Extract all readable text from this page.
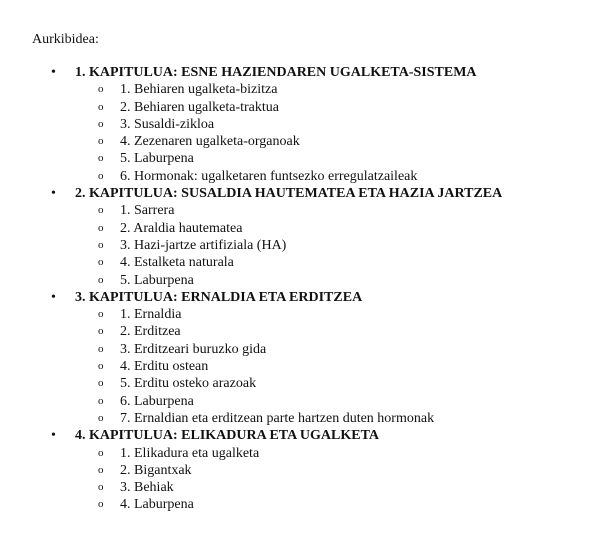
Aurkibidea:
• 1. KAPITULUA: ESNE HAZIENDAREN UGALKETA-SISTEMA
o 1. Behiaren ugalketa-bizitza
o 2. Behiaren ugalketa-traktua
o 3. Susaldi-zikloa
o 4. Zezenaren ugalketa-organoak
o 5. Laburpena
o 6. Hormonak: ugalketaren funtsezko erregulatzaileak
• 2. KAPITULUA: SUSALDIA HAUTEMATEA ETA HAZIA JARTZEA
o 1. Sarrera
o 2. Araldia hautematea
o 3. Hazi-jartze artifiziala (HA)
o 4. Estalketa naturala
o 5. Laburpena
• 3. KAPITULUA: ERNALDIA ETA ERDITZEA
o 1. Ernaldia
o 2. Erditzea
o 3. Erditzeari buruzko gida
o 4. Erditu ostean
o 5. Erditu osteko arazoak
o 6. Laburpena
o 7. Ernaldian eta erditzean parte hartzen duten hormonak
• 4. KAPITULUA: ELIKADURA ETA UGALKETA
o 1. Elikadura eta ugalketa
o 2. Bigantxak
o 3. Behiak
o 4. Laburpena
